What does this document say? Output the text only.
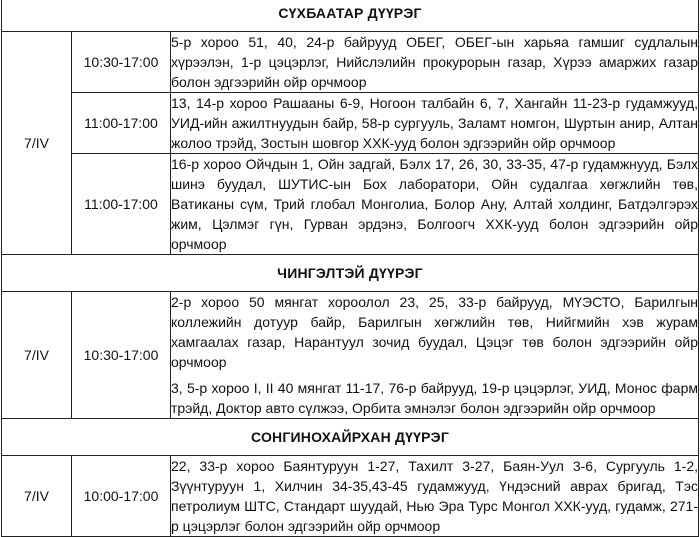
СҮХБААТАР ДҮҮРЭГ		
7/IV	10:30-17:00	5-р хороо 51, 40, 24-р байрууд ОБЕГ, ОБЕГ-ын харьяа гамшиг судлалын хүрээлэн, 1-р цэцэрлэг, Нийслэлийн прокурорын газар, Хүрээ амаржих газар болон эдгээрийн ойр орчмоор

	11:00-17:00	13, 14-р хороо Рашааны 6-9, Ногоон талбайн 6, 7, Хангайн 11-23-р гудамжууд, УИД-ийн ажилтнуудын байр, 58-р сургууль, Заламт номгон, Шуртын анир, Алтан жолоо трэйд, Зостын шовгор ХХК-ууд болон эдгээрийн ойр орчмоор

	11:00-17:00	16-р хороо Ойчдын 1, Ойн задгай, Бэлх 17, 26, 30, 33-35, 47-р гудамжнууд, Бэлх шинэ буудал, ШУТИС-ын Бох лаборатори, Ойн судалгаа хөгжлийн төв, Ватиканы сүм, Трий глобал Монголиа, Болор Ану, Алтай холдинг, Батдэлгэрэх жим, Цэлмэг гүн, Гурван эрдэнэ, Болгоогч ХХК-ууд болон эдгээрийн ойр орчмоор

ЧИНГЭЛТЭЙ ДҮҮРЭГ		
7/IV	10:30-17:00	2-р хороо 50 мянгат хороолол 23, 25, 33-р байрууд, МҮЭСТО, Барилгын коллежийн дотуур байр, Барилгын хөгжлийн төв, Нийгмийн хэв журам хамгаалах газар, Нарантуул зочид буудал, Цэцэг төв болон эдгээрийн ойр орчмоор
3, 5-р хороо I, II 40 мянгат 11-17, 76-р байрууд, 19-р цэцэрлэг, УИД, Монос фарм трэйд, Доктор авто сүлжээ, Орбита эмнэлэг болон эдгээрийн ойр орчмоор

СОНГИНОХАЙРХАН ДҮҮРЭГ		
7/IV	10:00-17:00	22, 33-р хороо Баянтуруун 1-27, Тахилт 3-27, Баян-Уул 3-6, Сургууль 1-2, Зүүнтуруун 1, Хилчин 34-35,43-45 гудамжууд, Үндэсний аврах бригад, Тэс петролиум ШТС, Стандарт шуудай, Нью Эра Турс Монгол ХХК-ууд, гудамж, 271-р цэцэрлэг болон эдгээрийн ойр орчмоор
